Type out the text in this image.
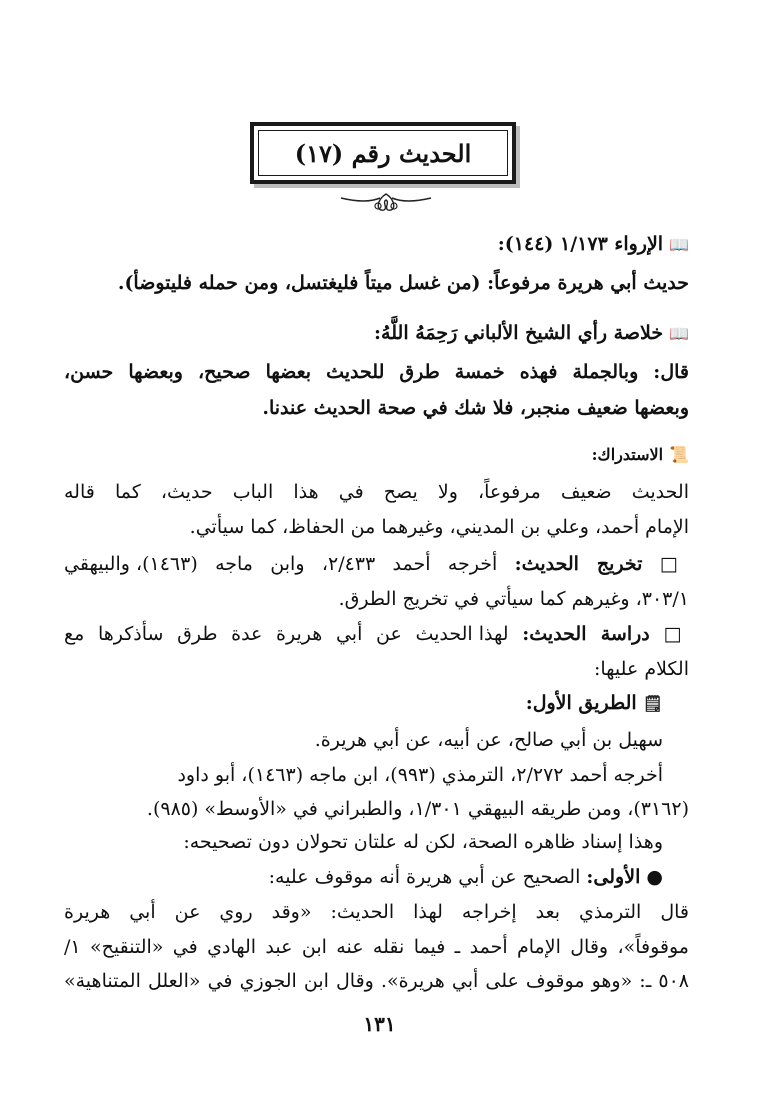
الحديث رقم (١٧)
📖الإرواء ١/١٧٣ (١٤٤):
حديث أبي هريرة مرفوعاً: (من غسل ميتاً فليغتسل، ومن حمله فليتوضأ).
📖خلاصة رأي الشيخ الألباني رَحِمَهُ اللَّهُ:
قال: وبالجملة فهذه خمسة طرق للحديث بعضها صحيح، وبعضها حسن،
وبعضها ضعيف منجبر، فلا شك في صحة الحديث عندنا.
📜الاستدراك:
الحديث ضعيف مرفوعاً، ولا يصح في هذا الباب حديث، كما قاله
الإمام أحمد، وعلي بن المديني، وغيرهما من الحفاظ، كما سيأتي.
□ تخريج الحديث: أخرجه أحمد ٢/٤٣٣، وابن ماجه (١٤٦٣)، والبيهقي
٣٠٣/١، وغيرهم كما سيأتي في تخريج الطرق.
□ دراسة الحديث: لهذا الحديث عن أبي هريرة عدة طرق سأذكرها مع
الكلام عليها:
🗒الطريق الأول:
سهيل بن أبي صالح، عن أبيه، عن أبي هريرة.
أخرجه أحمد ٢/٢٧٢، الترمذي (٩٩٣)، ابن ماجه (١٤٦٣)، أبو داود
(٣١٦٢)، ومن طريقه البيهقي ١/٣٠١، والطبراني في «الأوسط» (٩٨٥).
وهذا إسناد ظاهره الصحة، لكن له علتان تحولان دون تصحيحه:
● الأولى: الصحيح عن أبي هريرة أنه موقوف عليه:
قال الترمذي بعد إخراجه لهذا الحديث: «وقد روي عن أبي هريرة
موقوفاً»، وقال الإمام أحمد ـ فيما نقله عنه ابن عبد الهادي في «التنقيح» ١/
٥٠٨ ـ: «وهو موقوف على أبي هريرة». وقال ابن الجوزي في «العلل المتناهية»
١٣١
